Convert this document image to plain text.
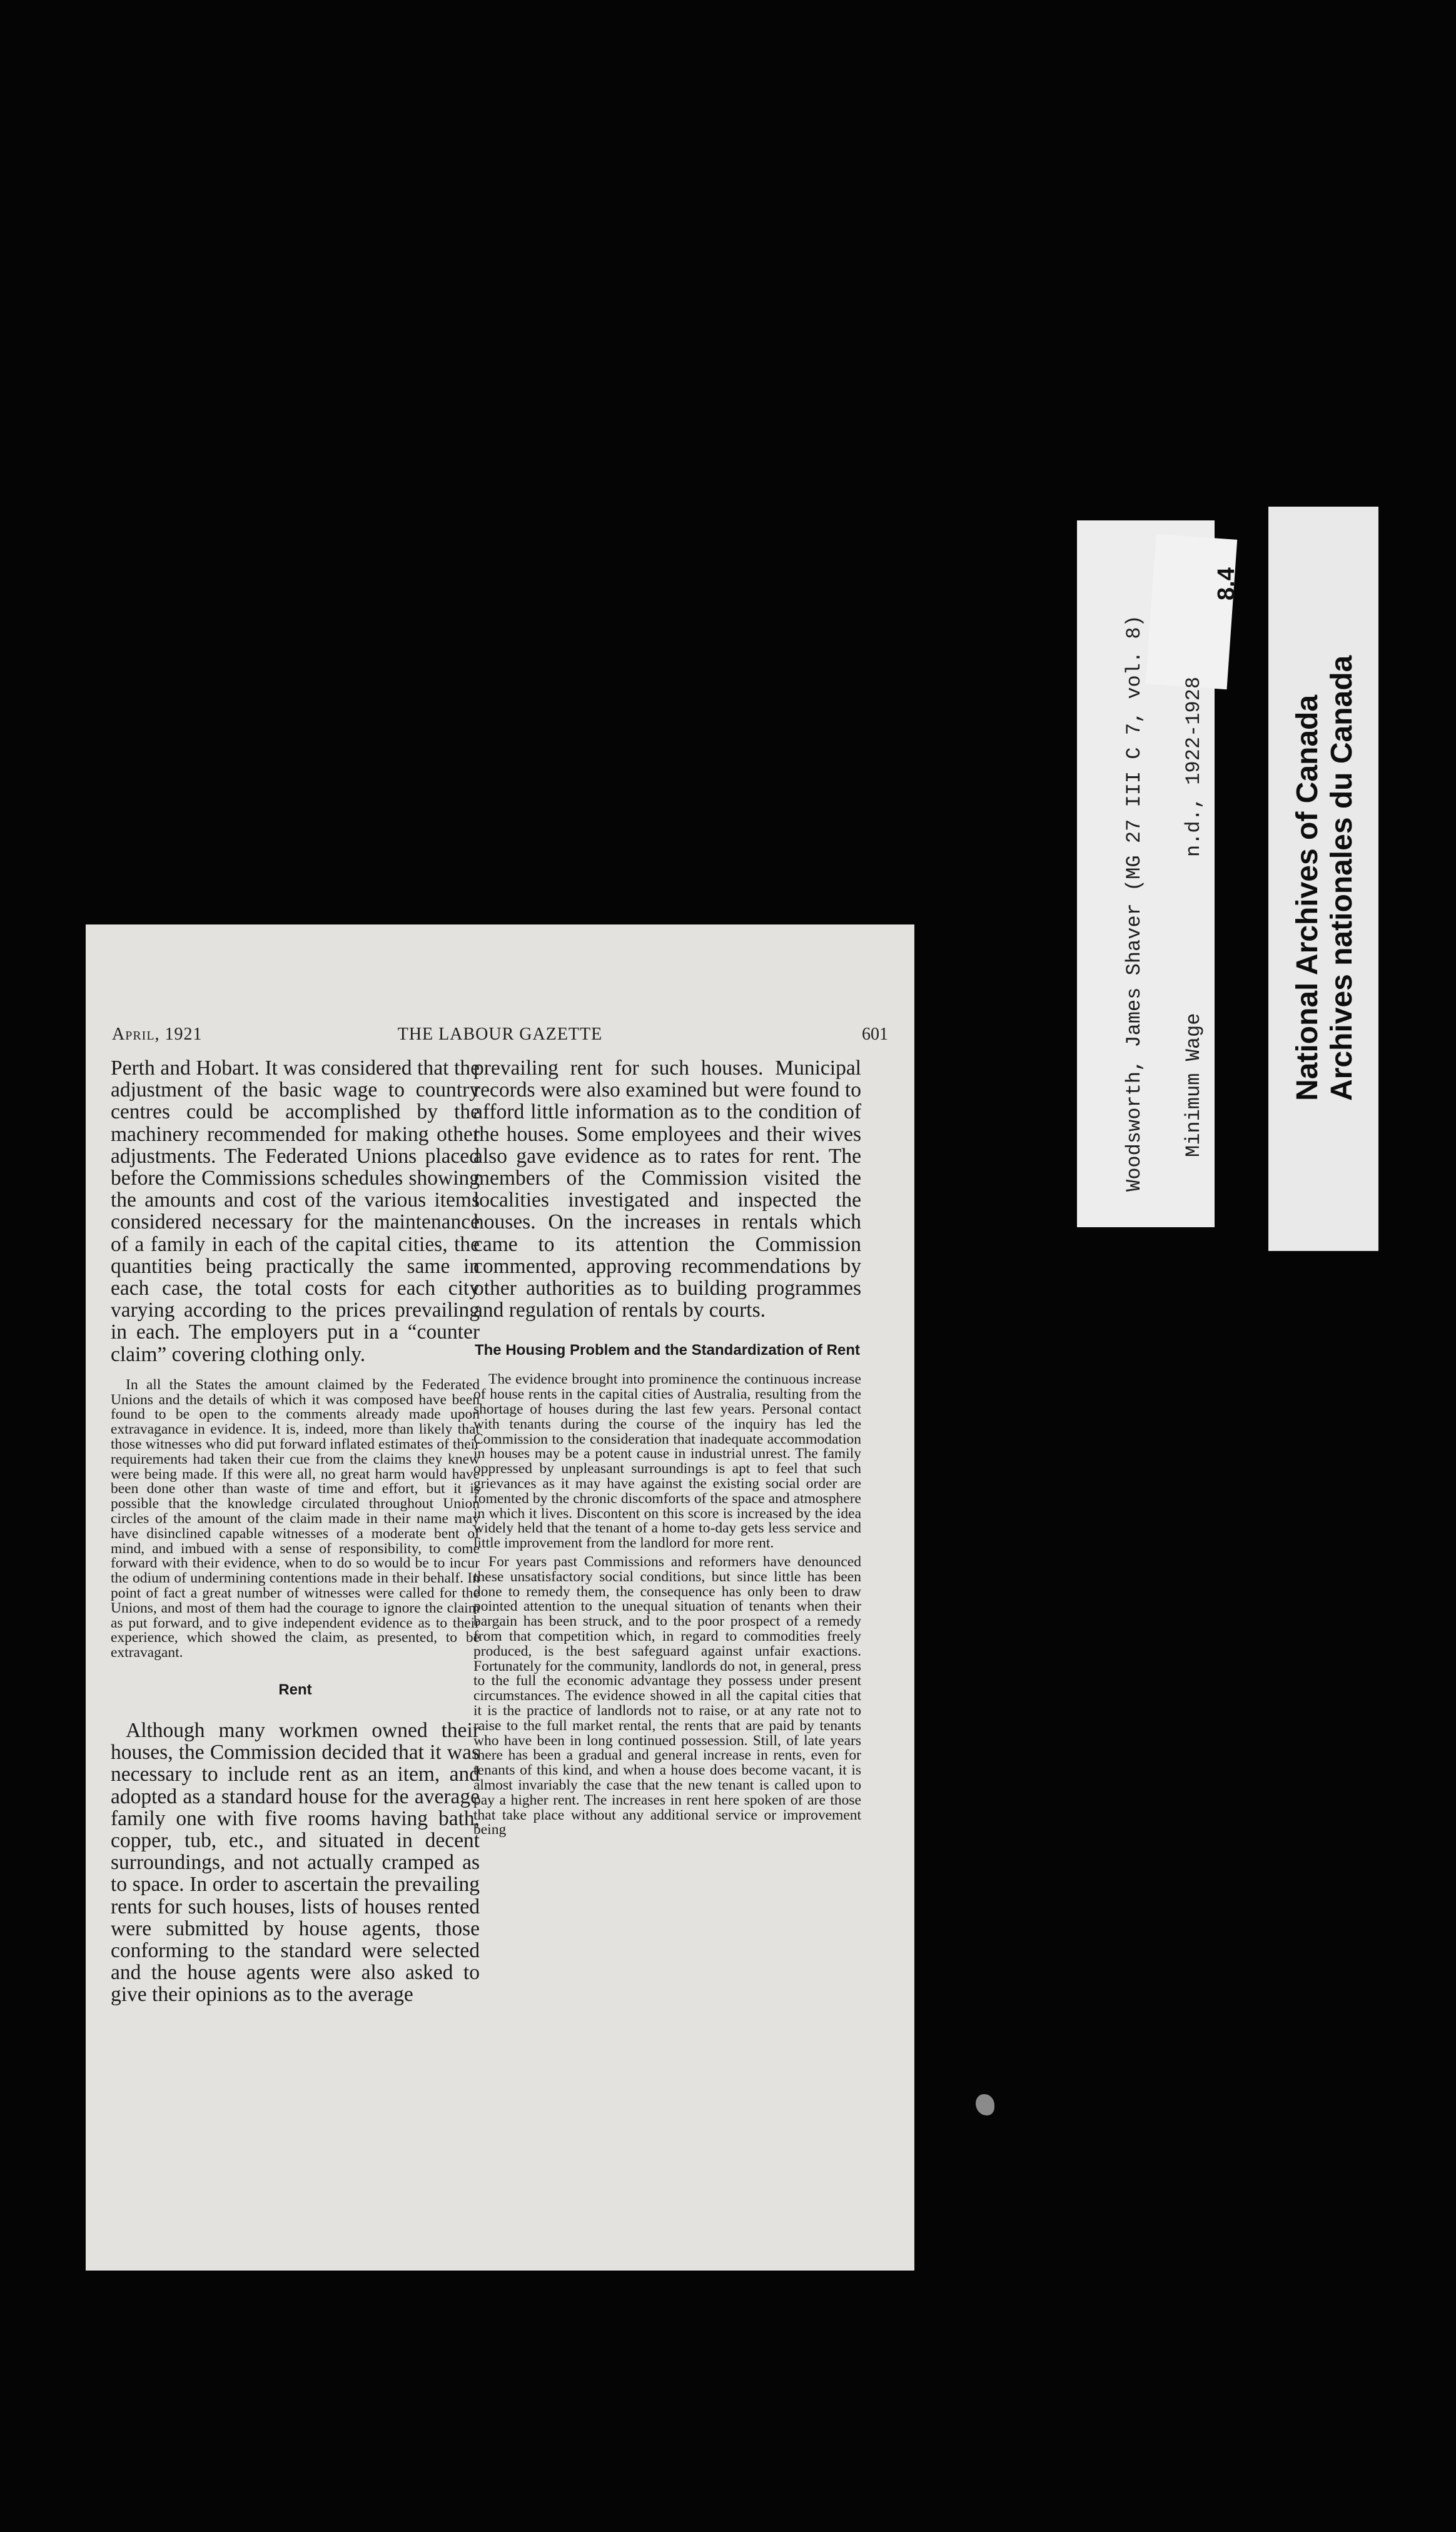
April, 1921	THE LABOUR GAZETTE	601

Perth and Hobart. It was considered that the adjustment of the basic wage to country centres could be accomplished by the machinery recommended for making other adjustments. The Federated Unions placed before the Commissions schedules showing the amounts and cost of the various items considered necessary for the maintenance of a family in each of the capital cities, the quantities being practically the same in each case, the total costs for each city varying according to the prices prevailing in each. The employers put in a “counter claim” covering clothing only.

In all the States the amount claimed by the Federated Unions and the details of which it was composed have been found to be open to the comments already made upon extravagance in evidence. It is, indeed, more than likely that those witnesses who did put forward inflated estimates of their requirements had taken their cue from the claims they knew were being made. If this were all, no great harm would have been done other than waste of time and effort, but it is possible that the knowledge circulated throughout Union circles of the amount of the claim made in their name may have disinclined capable witnesses of a moderate bent of mind, and imbued with a sense of responsibility, to come forward with their evidence, when to do so would be to incur the odium of undermining contentions made in their behalf. In point of fact a great number of witnesses were called for the Unions, and most of them had the courage to ignore the claim as put forward, and to give independent evidence as to their experience, which showed the claim, as presented, to be extravagant.

Rent

Although many workmen owned their houses, the Commission decided that it was necessary to include rent as an item, and adopted as a standard house for the average family one with five rooms having bath, copper, tub, etc., and situated in decent surroundings, and not actually cramped as to space. In order to ascertain the prevailing rents for such houses, lists of houses rented were submitted by house agents, those conforming to the standard were selected and the house agents were also asked to give their opinions as to the average

prevailing rent for such houses. Municipal records were also examined but were found to afford little information as to the condition of the houses. Some employees and their wives also gave evidence as to rates for rent. The members of the Commission visited the localities investigated and inspected the houses. On the increases in rentals which came to its attention the Commission commented, approving recommendations by other authorities as to building programmes and regulation of rentals by courts.

The Housing Problem and the Standardization of Rent

The evidence brought into prominence the continuous increase of house rents in the capital cities of Australia, resulting from the shortage of houses during the last few years. Personal contact with tenants during the course of the inquiry has led the Commission to the consideration that inadequate accommodation in houses may be a potent cause in industrial unrest. The family oppressed by unpleasant surroundings is apt to feel that such grievances as it may have against the existing social order are fomented by the chronic discomforts of the space and atmosphere in which it lives. Discontent on this score is increased by the idea widely held that the tenant of a home to-day gets less service and little improvement from the landlord for more rent.

For years past Commissions and reformers have denounced these unsatisfactory social conditions, but since little has been done to remedy them, the consequence has only been to draw pointed attention to the unequal situation of tenants when their bargain has been struck, and to the poor prospect of a remedy from that competition which, in regard to commodities freely produced, is the best safeguard against unfair exactions. Fortunately for the community, landlords do not, in general, press to the full the economic advantage they possess under present circumstances. The evidence showed in all the capital cities that it is the practice of landlords not to raise, or at any rate not to raise to the full market rental, the rents that are paid by tenants who have been in long continued possession. Still, of late years there has been a gradual and general increase in rents, even for tenants of this kind, and when a house does become vacant, it is almost invariably the case that the new tenant is called upon to pay a higher rent. The increases in rent here spoken of are those that take place without any additional service or improvement being

Woodsworth, James Shaver (MG 27 III C 7, vol. 8) Minimum Wage
n.d., 1922-1928
8.4
National Archives of Canada Archives nationales du Canada
